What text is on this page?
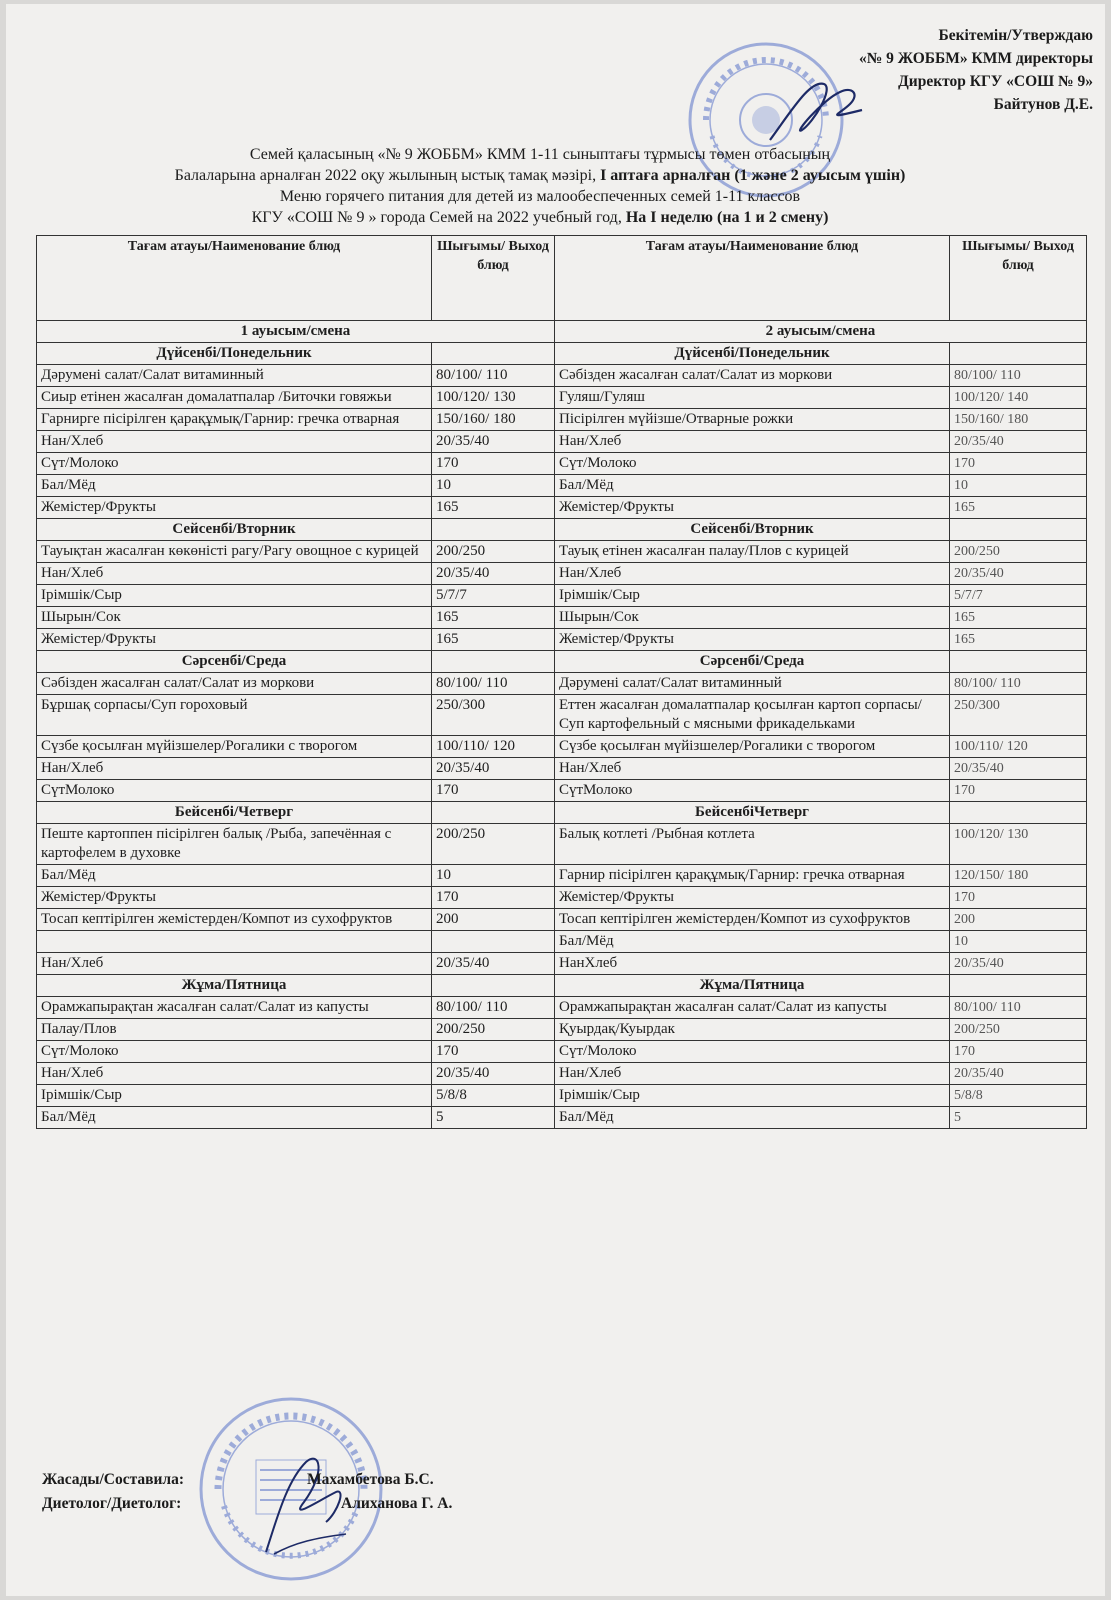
Бекітемін/Утверждаю
«№ 9 ЖОББМ» КММ директоры
Директор КГУ «СОШ № 9»
Байтунов Д.Е.
Семей қаласының «№ 9 ЖОББМ» КММ 1-11 сыныптағы тұрмысы төмен отбасының
Балаларына арналған 2022 оқу жылының ыстық тамақ мәзірі, I аптаға арналған (1 және 2 ауысым үшін)
Меню горячего питания для детей из малообеспеченных семей 1-11 классов
КГУ «СОШ № 9 » города Семей на 2022 учебный год, На I неделю (на 1 и 2 смену)
Тағам атауы/Наименование блюд	Шығымы/ Выход блюд	Тағам атауы/Наименование блюд	Шығымы/ Выход блюд
1 ауысым/смена		2 ауысым/смена	
Дүйсенбі/Понедельник		Дүйсенбі/Понедельник	
Дәрумені салат/Салат витаминный	80/100/ 110	Сәбізден жасалған салат/Салат из моркови	80/100/ 110
Сиыр етінен жасалған домалатпалар /Биточки говяжьи	100/120/ 130	Гуляш/Гуляш	100/120/ 140
Гарнирге пісірілген қарақұмық/Гарнир: гречка отварная	150/160/ 180	Пісірілген мүйізше/Отварные рожки	150/160/ 180
Нан/Хлеб	20/35/40	Нан/Хлеб	20/35/40
Сүт/Молоко	170	Сүт/Молоко	170
Бал/Мёд	10	Бал/Мёд	10
Жемістер/Фрукты	165	Жемістер/Фрукты	165
Сейсенбі/Вторник		Сейсенбі/Вторник	
Тауықтан жасалған көкөністі рагу/Рагу овощное с курицей	200/250	Тауық етінен жасалған палау/Плов с курицей	200/250
Нан/Хлеб	20/35/40	Нан/Хлеб	20/35/40
Ірімшік/Сыр	5/7/7	Ірімшік/Сыр	5/7/7
Шырын/Сок	165	Шырын/Сок	165
Жемістер/Фрукты	165	Жемістер/Фрукты	165
Сәрсенбі/Среда		Сәрсенбі/Среда	
Сәбізден жасалған салат/Салат из моркови	80/100/ 110	Дәрумені салат/Салат витаминный	80/100/ 110
Бұршақ сорпасы/Суп гороховый	250/300	Еттен жасалған домалатпалар қосылған картоп сорпасы/Суп картофельный с мясными фрикадельками	250/300
Сүзбе қосылған мүйізшелер/Рогалики с творогом	100/110/ 120	Сүзбе қосылған мүйізшелер/Рогалики с творогом	100/110/ 120
Нан/Хлеб	20/35/40	Нан/Хлеб	20/35/40
СүтМолоко	170	СүтМолоко	170
Бейсенбі/Четверг		БейсенбіЧетверг	
Пеште картоппен пісірілген балық /Рыба, запечённая с картофелем в духовке	200/250	Балық котлеті /Рыбная котлета	100/120/ 130
Бал/Мёд	10	Гарнир пісірілген қарақұмық/Гарнир: гречка отварная	120/150/ 180
Жемістер/Фрукты	170	Жемістер/Фрукты	170
Тосап кептірілген жемістерден/Компот из сухофруктов	200	Тосап кептірілген жемістерден/Компот из сухофруктов	200
		Бал/Мёд	10
Нан/Хлеб	20/35/40	НанХлеб	20/35/40
Жұма/Пятница		Жұма/Пятница	
Орамжапырақтан жасалған салат/Салат из капусты	80/100/ 110	Орамжапырақтан жасалған салат/Салат из капусты	80/100/ 110
Палау/Плов	200/250	Қуырдақ/Куырдак	200/250
Сүт/Молоко	170	Сүт/Молоко	170
Нан/Хлеб	20/35/40	Нан/Хлеб	20/35/40
Ірімшік/Сыр	5/8/8	Ірімшік/Сыр	5/8/8
Бал/Мёд	5	Бал/Мёд	5
Жасады/Составила:	Махамбетова Б.С.
Диетолог/Диетолог:	Алиханова Г. А.
